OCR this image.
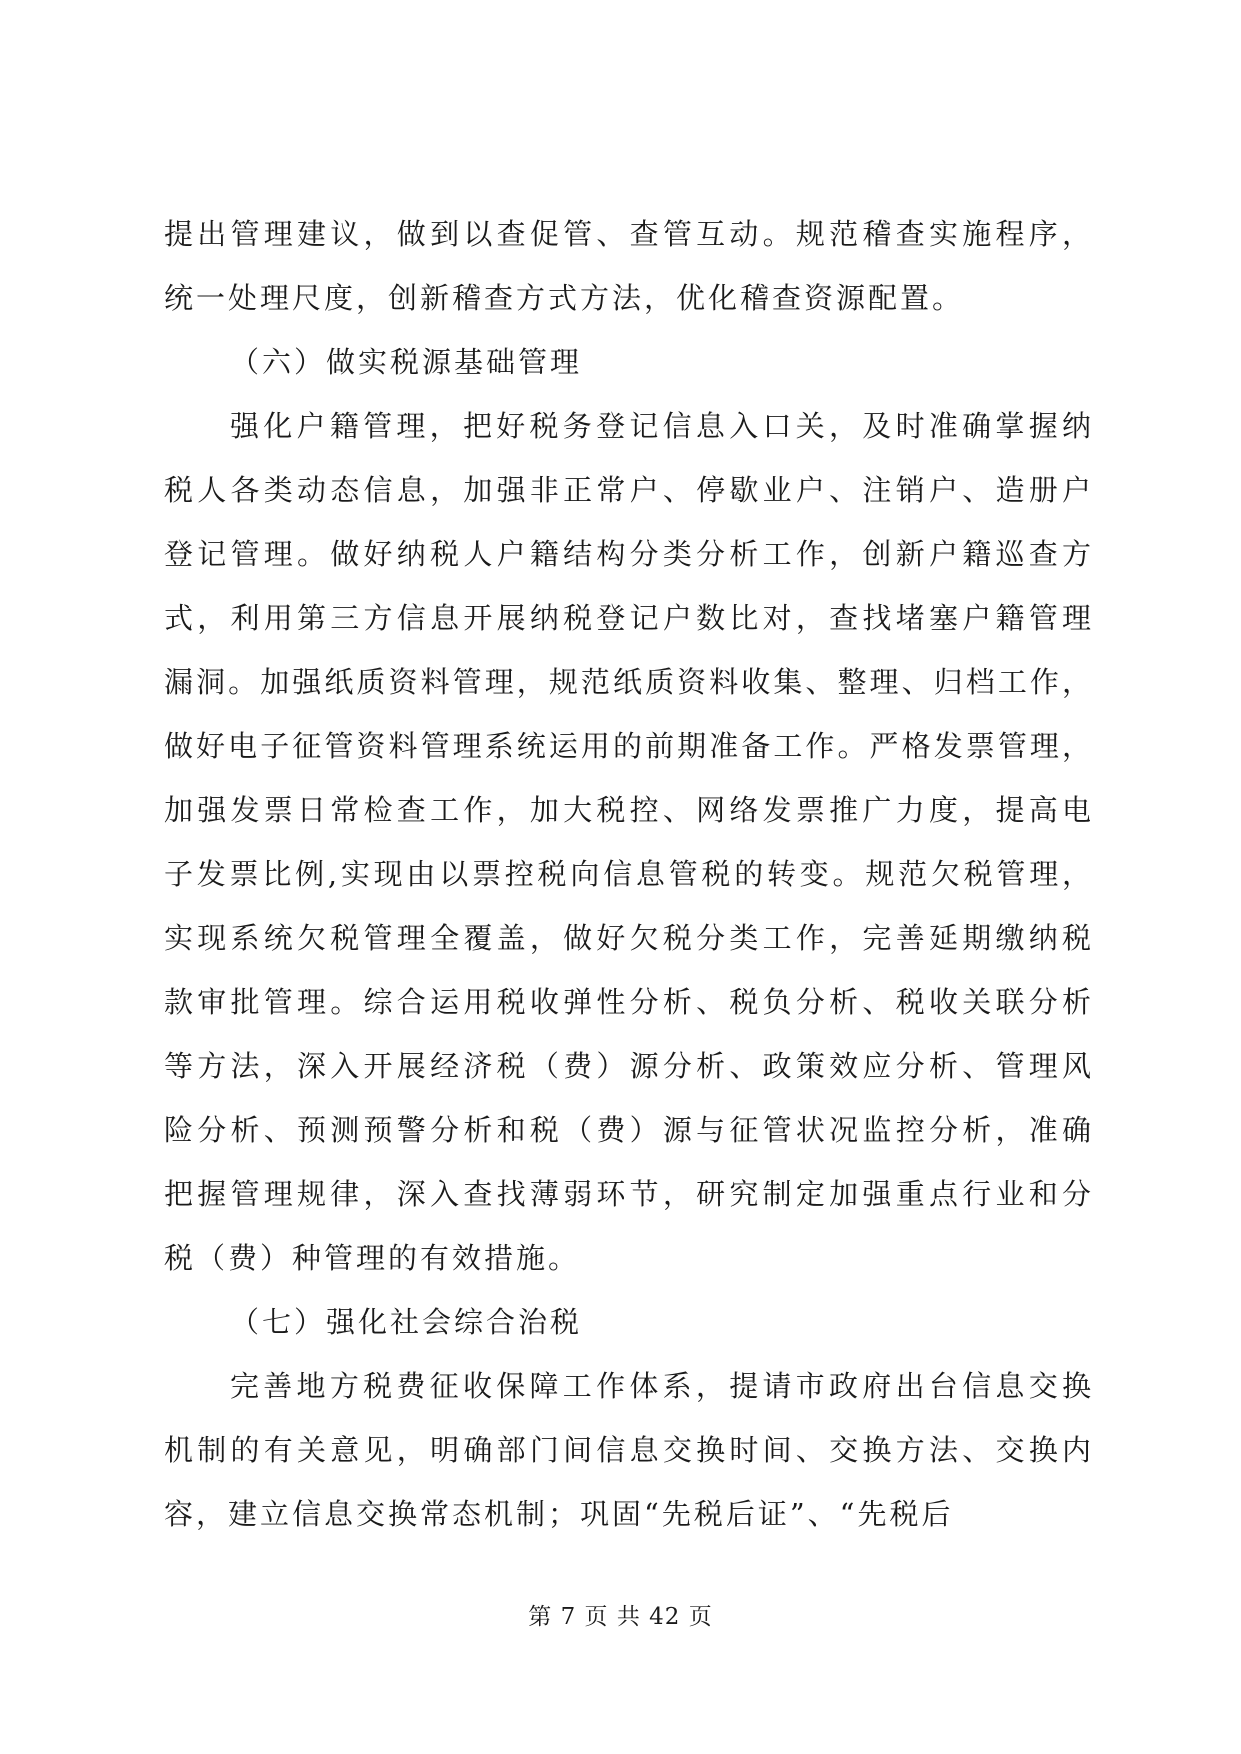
提出管理建议，做到以查促管、查管互动。规范稽查实施程序，
统一处理尺度，创新稽查方式方法，优化稽查资源配置。
（六）做实税源基础管理
强化户籍管理，把好税务登记信息入口关，及时准确掌握纳
税人各类动态信息，加强非正常户、停歇业户、注销户、造册户
登记管理。做好纳税人户籍结构分类分析工作，创新户籍巡查方
式，利用第三方信息开展纳税登记户数比对，查找堵塞户籍管理
漏洞。加强纸质资料管理，规范纸质资料收集、整理、归档工作，
做好电子征管资料管理系统运用的前期准备工作。严格发票管理，
加强发票日常检查工作，加大税控、网络发票推广力度，提高电
子发票比例,实现由以票控税向信息管税的转变。规范欠税管理，
实现系统欠税管理全覆盖，做好欠税分类工作，完善延期缴纳税
款审批管理。综合运用税收弹性分析、税负分析、税收关联分析
等方法，深入开展经济税（费）源分析、政策效应分析、管理风
险分析、预测预警分析和税（费）源与征管状况监控分析，准确
把握管理规律，深入查找薄弱环节，研究制定加强重点行业和分
税（费）种管理的有效措施。
（七）强化社会综合治税
完善地方税费征收保障工作体系，提请市政府出台信息交换
机制的有关意见，明确部门间信息交换时间、交换方法、交换内
容，建立信息交换常态机制；巩固“先税后证”、“先税后
第 7 页 共 42 页
